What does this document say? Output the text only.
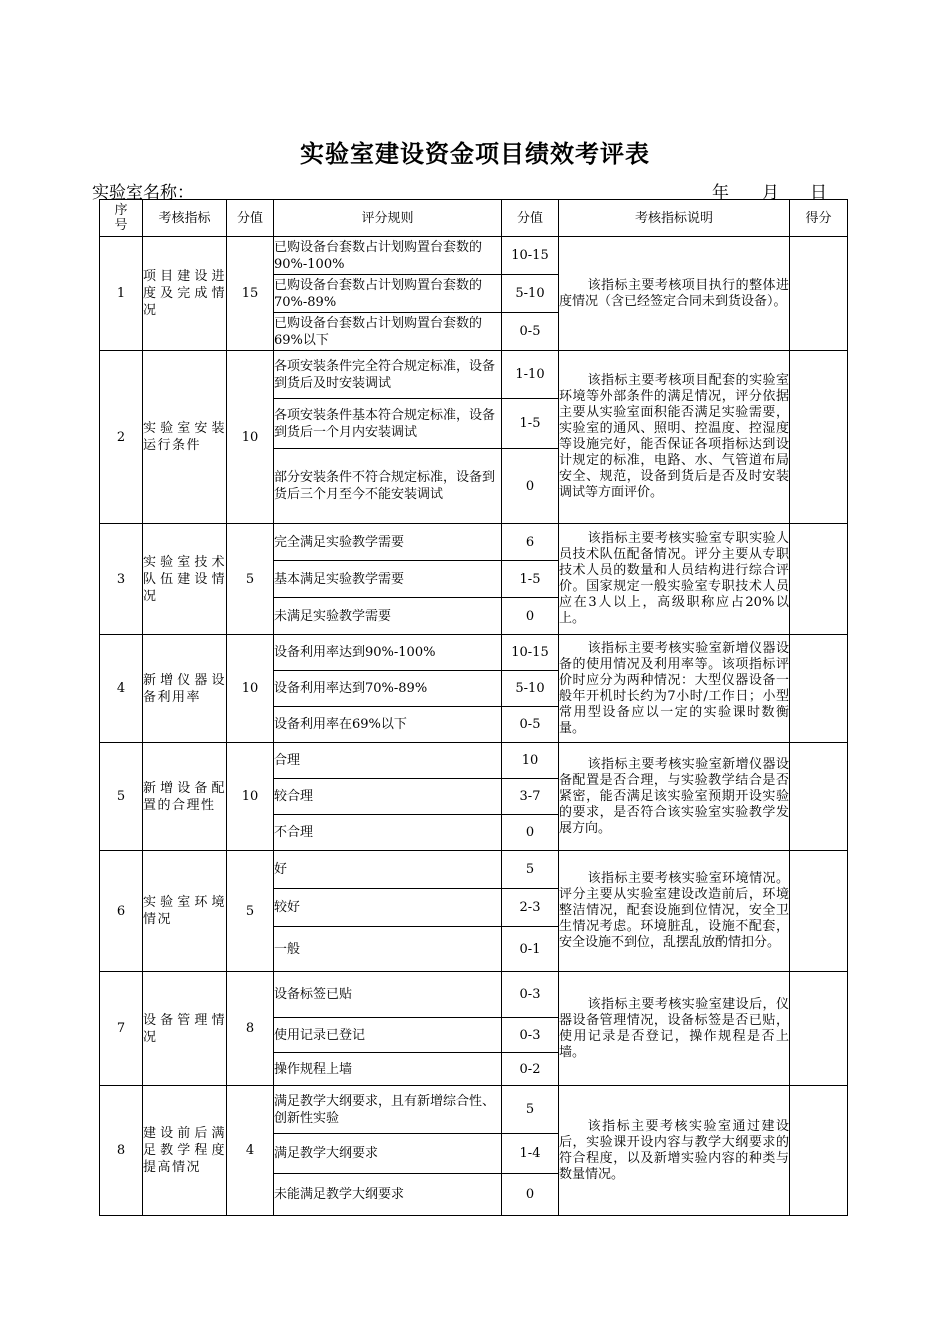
实验室建设资金项目绩效考评表
实验室名称：	年 月 日
序号	考核指标	分值	评分规则	分值	考核指标说明	得分
1	项目建设进度及完成情况	15	已购设备台套数占计划购置台套数的90%-100%	10-15	该指标主要考核项目执行的整体进度情况（含已经签定合同未到货设备）。	
			已购设备台套数占计划购置台套数的70%-89%	5-10		
			已购设备台套数占计划购置台套数的69%以下	0-5		
2	实验室安装运行条件	10	各项安装条件完全符合规定标准，设备到货后及时安装调试	1-10	该指标主要考核项目配套的实验室环境等外部条件的满足情况，评分依据主要从实验室面积能否满足实验需要，实验室的通风、照明、控温度、控湿度等设施完好，能否保证各项指标达到设计规定的标准，电路、水、气管道布局安全、规范，设备到货后是否及时安装调试等方面评价。	
			各项安装条件基本符合规定标准，设备到货后一个月内安装调试	1-5		
			部分安装条件不符合规定标准，设备到货后三个月至今不能安装调试	0		
3	实验室技术队伍建设情况	5	完全满足实验教学需要	6	该指标主要考核实验室专职实验人员技术队伍配备情况。评分主要从专职技术人员的数量和人员结构进行综合评价。国家规定一般实验室专职技术人员应在3人以上，高级职称应占20%以上。	
			基本满足实验教学需要	1-5		
			未满足实验教学需要	0		
4	新增仪器设备利用率	10	设备利用率达到90%-100%	10-15	该指标主要考核实验室新增仪器设备的使用情况及利用率等。该项指标评价时应分为两种情况：大型仪器设备一般年开机时长约为7小时/工作日；小型常用型设备应以一定的实验课时数衡量。	
			设备利用率达到70%-89%	5-10		
			设备利用率在69%以下	0-5		
5	新增设备配置的合理性	10	合理	10	该指标主要考核实验室新增仪器设备配置是否合理，与实验教学结合是否紧密，能否满足该实验室预期开设实验的要求，是否符合该实验室实验教学发展方向。	
			较合理	3-7		
			不合理	0		
6	实验室环境情况	5	好	5	该指标主要考核实验室环境情况。评分主要从实验室建设改造前后，环境整洁情况，配套设施到位情况，安全卫生情况考虑。环境脏乱，设施不配套，安全设施不到位，乱摆乱放酌情扣分。	
			较好	2-3		
			一般	0-1		
7	设备管理情况	8	设备标签已贴	0-3	该指标主要考核实验室建设后，仪器设备管理情况，设备标签是否已贴，使用记录是否登记，操作规程是否上墙。	
			使用记录已登记	0-3		
			操作规程上墙	0-2		
8	建设前后满足教学程度提高情况	4	满足教学大纲要求，且有新增综合性、创新性实验	5	该指标主要考核实验室通过建设后，实验课开设内容与教学大纲要求的符合程度，以及新增实验内容的种类与数量情况。	
			满足教学大纲要求	1-4		
			未能满足教学大纲要求	0		
